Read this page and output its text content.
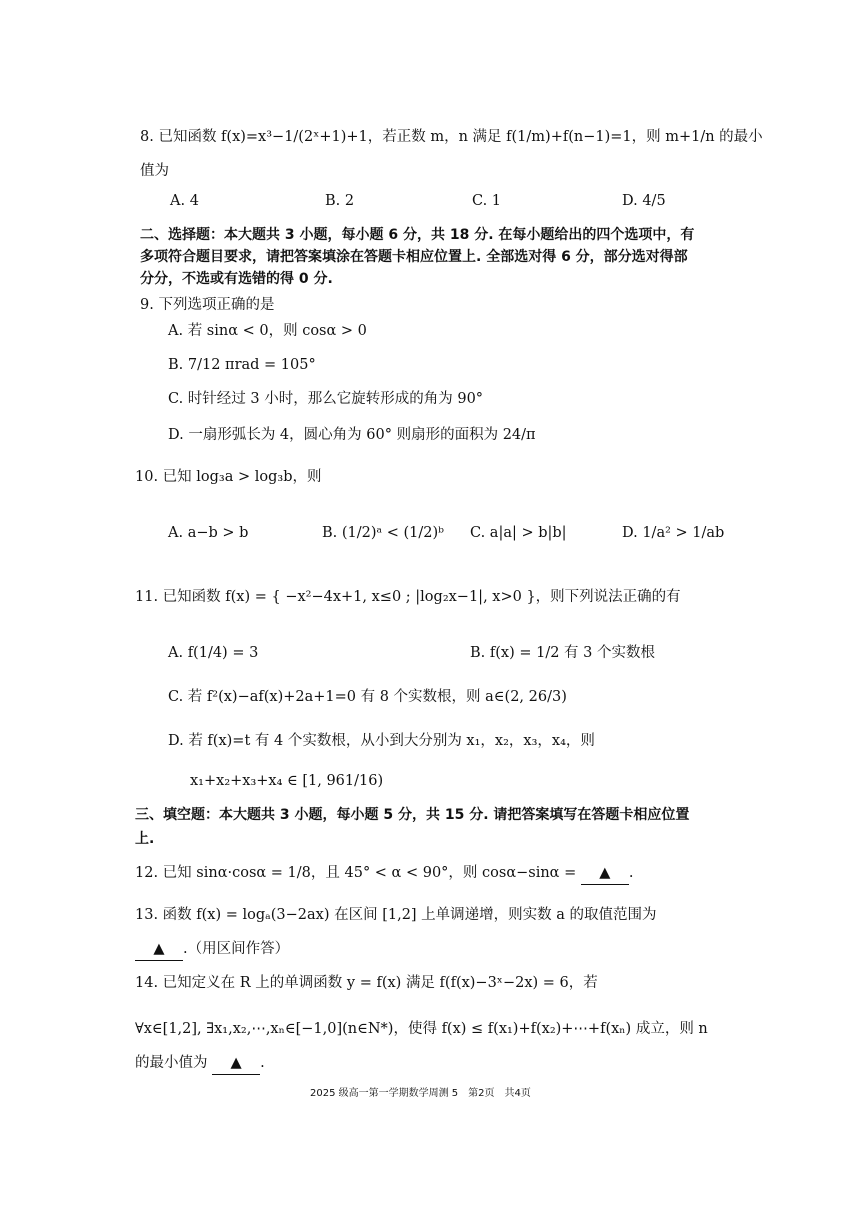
8. 已知函数 f(x)=x³−1/(2ˣ+1)+1，若正数 m，n 满足 f(1/m)+f(n−1)=1，则 m+1/n 的最小
值为
A. 4	B. 2	C. 1	D. 4/5
二、选择题：本大题共 3 小题，每小题 6 分，共 18 分. 在每小题给出的四个选项中，有
多项符合题目要求，请把答案填涂在答题卡相应位置上. 全部选对得 6 分，部分选对得部
分分，不选或有选错的得 0 分.
9. 下列选项正确的是
A. 若 sinα < 0，则 cosα > 0
B. 7/12 πrad = 105°
C. 时针经过 3 小时，那么它旋转形成的角为 90°
D. 一扇形弧长为 4，圆心角为 60° 则扇形的面积为 24/π
10. 已知 log₃a > log₃b，则
A. a−b > b	B. (1/2)ᵃ < (1/2)ᵇ C. a|a| > b|b|	D. 1/a² > 1/ab
11. 已知函数 f(x) = { −x²−4x+1, x≤0 ; |log₂x−1|, x>0 }，则下列说法正确的有
A. f(1/4) = 3	B. f(x) = 1/2 有 3 个实数根
C. 若 f²(x)−af(x)+2a+1=0 有 8 个实数根，则 a∈(2, 26/3)
D. 若 f(x)=t 有 4 个实数根，从小到大分别为 x₁，x₂，x₃，x₄，则
x₁+x₂+x₃+x₄ ∈ [1, 961/16)
三、填空题：本大题共 3 小题，每小题 5 分，共 15 分. 请把答案填写在答题卡相应位置
上.
12. 已知 sinα·cosα = 1/8，且 45° < α < 90°，则 cosα−sinα = ▲ .
13. 函数 f(x) = logₐ(3−2ax) 在区间 [1,2] 上单调递增，则实数 a 的取值范围为
▲ .（用区间作答）
14. 已知定义在 R 上的单调函数 y = f(x) 满足 f(f(x)−3ˣ−2x) = 6，若
∀x∈[1,2], ∃x₁,x₂,⋯,xₙ∈[−1,0](n∈N*)，使得 f(x) ≤ f(x₁)+f(x₂)+⋯+f(xₙ) 成立，则 n
的最小值为 ▲ .
2025 级高一第一学期数学周测 5　第2页　共4页
